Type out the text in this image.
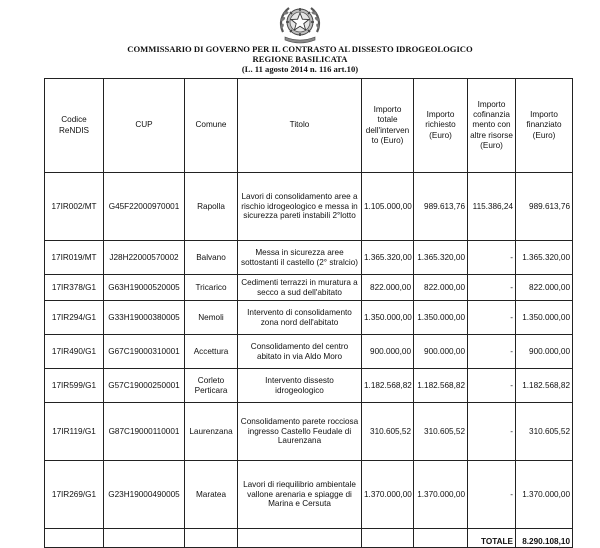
COMMISSARIO DI GOVERNO PER IL CONTRASTO AL DISSESTO IDROGEOLOGICO
REGIONE BASILICATA
(L. 11 agosto 2014 n. 116 art.10)
Codice ReNDIS	CUP	Comune	Titolo	Importo totale dell'interven to (Euro)	Importo richiesto (Euro)	Importo cofinanzia mento con altre risorse (Euro)	Importo finanziato (Euro)
17IR002/MT	G45F22000970001	Rapolla	Lavori di consolidamento aree a rischio idrogeologico e messa in sicurezza pareti instabili 2°lotto	1.105.000,00	989.613,76	115.386,24	989.613,76
17IR019/MT	J28H22000570002	Balvano	Messa in sicurezza aree sottostanti il castello (2° stralcio)	1.365.320,00	1.365.320,00	-	1.365.320,00
17IR378/G1	G63H19000520005	Tricarico	Cedimenti terrazzi in muratura a secco a sud dell'abitato	822.000,00	822.000,00	-	822.000,00
17IR294/G1	G33H19000380005	Nemoli	Intervento di consolidamento zona nord dell'abitato	1.350.000,00	1.350.000,00	-	1.350.000,00
17IR490/G1	G67C19000310001	Accettura	Consolidamento del centro abitato in via Aldo Moro	900.000,00	900.000,00	-	900.000,00
17IR599/G1	G57C19000250001	Corleto Perticara	Intervento dissesto idrogeologico	1.182.568,82	1.182.568,82	-	1.182.568,82
17IR119/G1	G87C19000110001	Laurenzana	Consolidamento parete rocciosa ingresso Castello Feudale di Laurenzana	310.605,52	310.605,52	-	310.605,52
17IR269/G1	G23H19000490005	Maratea	Lavori di riequilibrio ambientale vallone arenaria e spiagge di Marina e Cersuta	1.370.000,00	1.370.000,00	-	1.370.000,00
						TOTALE	8.290.108,10
